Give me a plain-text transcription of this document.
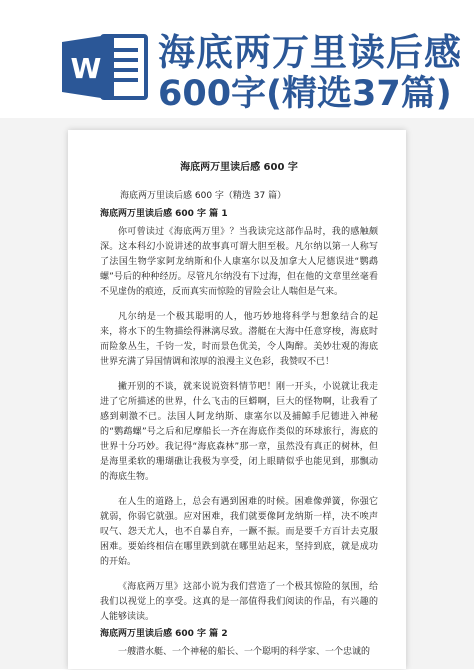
W 海底两万里读后感
600字(精选37篇)
海底两万里读后感 600 字
海底两万里读后感 600 字（精选 37 篇）
海底两万里读后感 600 字 篇 1
你可曾读过《海底两万里》？当我读完这部作品时，我的感触颇深。这本科幻小说讲述的故事真可谓大胆至极。凡尔纳以第一人称写了法国生物学家阿龙纳斯和仆人康塞尔以及加拿大人尼德误进“鹦鹉螺”号后的种种经历。尽管凡尔纳没有下过海，但在他的文章里丝毫看不见虚伪的痕迹，反而真实而惊险的冒险会让人喘但是气来。
凡尔纳是一个极其聪明的人，他巧妙地将科学与想象结合的起来，将水下的生物描绘得淋漓尽致。潜艇在大海中任意穿梭，海底时而险象丛生，千钧一发，时而景色优美，令人陶醉。美妙壮观的海底世界充满了异国情调和浓厚的浪漫主义色彩，我赞叹不已！
撇开别的不谈，就来说说资料情节吧！刚一开头，小说就让我走进了它所描述的世界，什么飞击的巨蟒啊，巨大的怪物啊，让我看了感到刺激不已。法国人阿龙纳斯、康塞尔以及捕鲸手尼德进入神秘的“鹦鹉螺”号之后和尼摩船长一齐在海底作类似的环球旅行，海底的世界十分巧妙。我记得“海底森林”那一章，虽然没有真正的树林，但是海里柔软的珊瑚礁让我极为享受，闭上眼睛似乎也能见到，那飘动的海底生物。
在人生的道路上，总会有遇到困难的时候。困难像弹簧，你强它就弱，你弱它就强。应对困难，我们就要像阿龙纳斯一样，决不唉声叹气、怨天尤人，也不自暴自弃，一蹶不振。而是要千方百计去克服困难。要始终相信在哪里跌到就在哪里站起来，坚持到底，就是成功的开始。
《海底两万里》这部小说为我们营造了一个极其惊险的氛围，给我们以视觉上的享受。这真的是一部值得我们阅读的作品，有兴趣的人能够读读。
海底两万里读后感 600 字 篇 2
一艘潜水艇、一个神秘的船长、一个聪明的科学家、一个忠诚的
